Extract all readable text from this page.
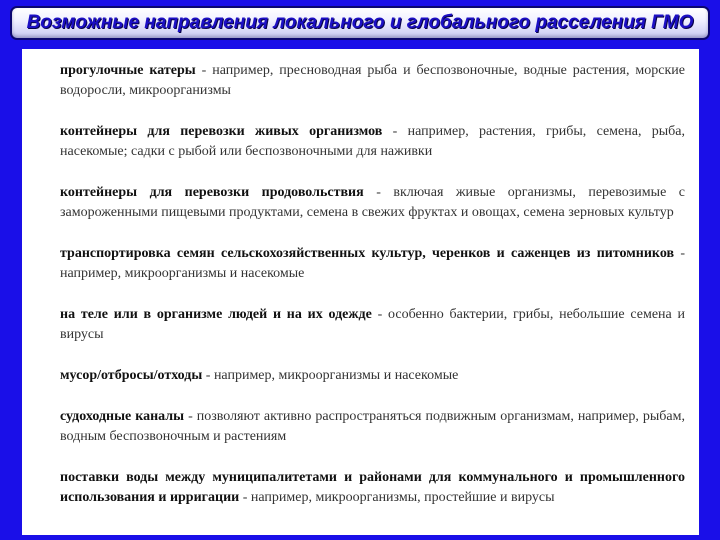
Возможные направления локального и глобального расселения ГМО

прогулочные катеры - например, пресноводная рыба и беспозвоночные, водные растения, морские водоросли, микроорганизмы

контейнеры для перевозки живых организмов - например, растения, грибы, семена, рыба, насекомые; садки с рыбой или беспозвоночными для наживки

контейнеры для перевозки продовольствия - включая живые организмы, перевозимые с замороженными пищевыми продуктами, семена в свежих фруктах и овощах, семена зерновых культур

транспортировка семян сельскохозяйственных культур, черенков и саженцев из питомников - например, микроорганизмы и насекомые

на теле или в организме людей и на их одежде - особенно бактерии, грибы, небольшие семена и вирусы

мусор/отбросы/отходы - например, микроорганизмы и насекомые

судоходные каналы - позволяют активно распространяться подвижным организмам, например, рыбам, водным беспозвоночным и растениям

поставки воды между муниципалитетами и районами для коммунального и промышленного использования и ирригации - например, микроорганизмы, простейшие и вирусы
